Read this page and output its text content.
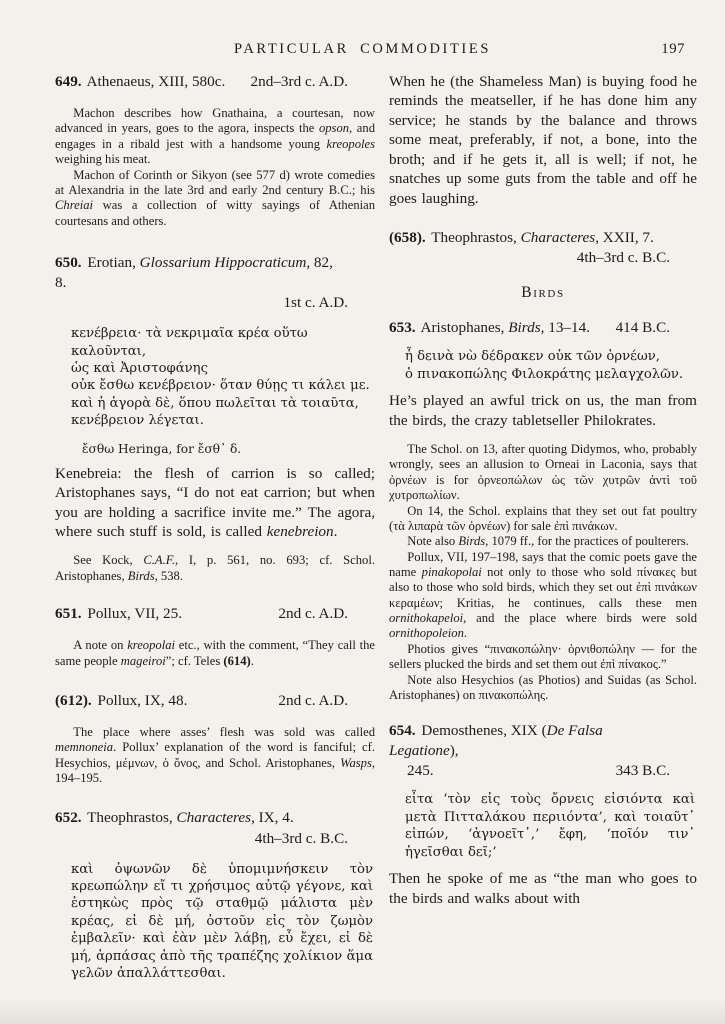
PARTICULAR COMMODITIES	197
649. Athenaeus, XIII, 580c. 2nd–3rd c. A.D.

Machon describes how Gnathaina, a courtesan, now advanced in years, goes to the agora, inspects the opson, and engages in a ribald jest with a handsome young kreopoles weighing his meat.

Machon of Corinth or Sikyon (see 577 d) wrote comedies at Alexandria in the late 3rd and early 2nd century B.C.; his Chreiai was a collection of witty sayings of Athenian courtesans and others.

650. Erotian, Glossarium Hippocraticum, 82, 8.
1st c. A.D.
κενέβρεια· τὰ νεκριμαῖα κρέα οὕτω καλοῦνται,
ὡς καὶ Ἀριστοφάνης
οὐκ ἔσθω κενέβρειον· ὅταν θύῃς τι κάλει με.
καὶ ἡ ἀγορὰ δὲ, ὅπου πωλεῖται τὰ τοιαῦτα,
κενέβρειον λέγεται.
ἔσθω Heringa, for ἔσθ᾽ δ.
Kenebreia: the flesh of carrion is so called; Aristophanes says, “I do not eat carrion; but when you are holding a sacrifice invite me.” The agora, where such stuff is sold, is called kenebreion.

See Kock, C.A.F., I, p. 561, no. 693; cf. Schol. Aristophanes, Birds, 538.

651. Pollux, VII, 25.	2nd c. A.D.

A note on kreopolai etc., with the comment, “They call the same people mageiroi”; cf. Teles (614).

(612). Pollux, IX, 48.	2nd c. A.D.

The place where asses’ flesh was sold was called memnoneia. Pollux’ explanation of the word is fanciful; cf. Hesychios, μέμνων, ὁ ὄνος, and Schol. Aristophanes, Wasps, 194–195.

652. Theophrastos, Characteres, IX, 4.
4th–3rd c. B.C.
καὶ ὀψωνῶν δὲ ὑπομιμνήσκειν τὸν κρεωπώλην εἴ τι χρήσιμος αὐτῷ γέγονε, καὶ ἑστηκὼς πρὸς τῷ σταθμῷ μάλιστα μὲν κρέας, εἰ δὲ μή, ὀστοῦν εἰς τὸν ζωμὸν ἐμβαλεῖν· καὶ ἐὰν μὲν λάβῃ, εὖ ἔχει, εἰ δὲ μή, ἁρπάσας ἀπὸ τῆς τραπέζης χολίκιον ἅμα γελῶν ἀπαλλάττεσθαι.
When he (the Shameless Man) is buying food he reminds the meatseller, if he has done him any service; he stands by the balance and throws some meat, preferably, if not, a bone, into the broth; and if he gets it, all is well; if not, he snatches up some guts from the table and off he goes laughing.
(658). Theophrastos, Characteres, XXII, 7.
4th–3rd c. B.C.
Birds
653. Aristophanes, Birds, 13–14. 414 B.C.
ἦ δεινὰ νὼ δέδρακεν οὑκ τῶν ὀρνέων,
ὁ πινακοπώλης Φιλοκράτης μελαγχολῶν.
He’s played an awful trick on us, the man from the birds, the crazy tabletseller Philokrates.

The Schol. on 13, after quoting Didymos, who, probably wrongly, sees an allusion to Orneai in Laconia, says that ὀρνέων is for ὀρνεοπώλων ὡς τῶν χυτρῶν ἀντὶ τοῦ χυτροπωλίων.

On 14, the Schol. explains that they set out fat poultry (τὰ λιπαρὰ τῶν ὀρνέων) for sale ἐπὶ πινάκων.

Note also Birds, 1079 ff., for the practices of poulterers.

Pollux, VII, 197–198, says that the comic poets gave the name pinakopolai not only to those who sold πίνακες but also to those who sold birds, which they set out ἐπὶ πινάκων κεραμέων; Kritias, he continues, calls these men ornithokapeloi, and the place where birds were sold ornithopoleion.

Photios gives “πινακοπώλην· ὀρνιθοπώλην — for the sellers plucked the birds and set them out ἐπὶ πίνακος.”

Note also Hesychios (as Photios) and Suidas (as Schol. Aristophanes) on πινακοπώλης.

654. Demosthenes, XIX (De Falsa Legatione),
245.	343 B.C.
εἶτα ‘τὸν εἰς τοὺς ὄρνεις εἰσιόντα καὶ μετὰ Πιτταλάκου περιιόντα’, καὶ τοιαῦτ᾽ εἰπών, ‘ἀγνοεῖτ᾽,’ ἔφη, ‘ποῖόν τιν᾽ ἡγεῖσθαι δεῖ;’
Then he spoke of me as “the man who goes to the birds and walks about with
